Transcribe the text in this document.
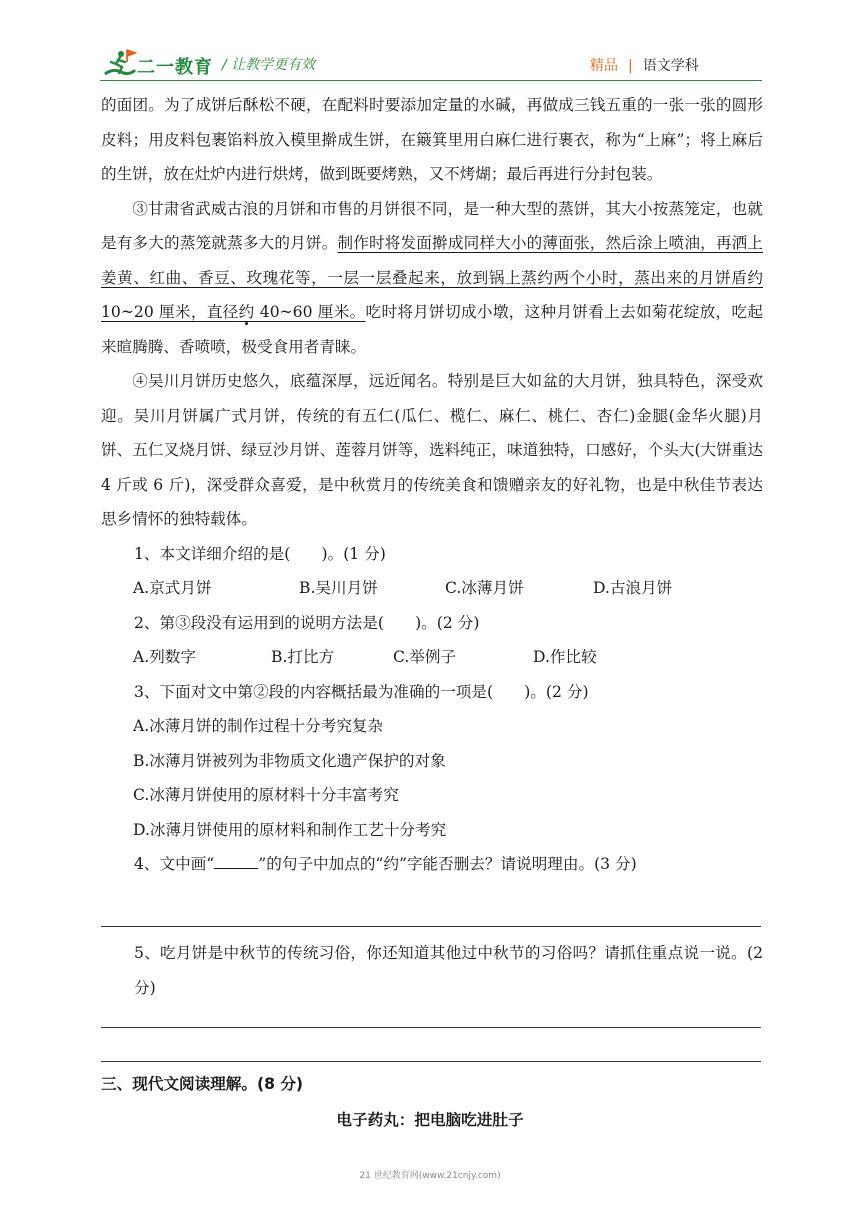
二一教育 / 让教学更有效	精品 | 语文学科

的面团。为了成饼后酥松不硬，在配料时要添加定量的水碱，再做成三钱五重的一张一张的圆形皮料；用皮料包裹馅料放入模里擀成生饼，在簸箕里用白麻仁进行裹衣，称为“上麻”；将上麻后的生饼，放在灶炉内进行烘烤，做到既要烤熟，又不烤煳；最后再进行分封包装。

③甘肃省武威古浪的月饼和市售的月饼很不同，是一种大型的蒸饼，其大小按蒸笼定，也就是有多大的蒸笼就蒸多大的月饼。制作时将发面擀成同样大小的薄面张，然后涂上喷油，再洒上姜黄、红曲、香豆、玫瑰花等，一层一层叠起来，放到锅上蒸约两个小时，蒸出来的月饼盾约 10~20 厘米，直径约 40~60 厘米。吃时将月饼切成小墩，这种月饼看上去如菊花绽放，吃起来暄腾腾、香喷喷，极受食用者青睐。

④吴川月饼历史悠久，底蕴深厚，远近闻名。特别是巨大如盆的大月饼，独具特色，深受欢迎。吴川月饼属广式月饼，传统的有五仁(瓜仁、榄仁、麻仁、桃仁、杏仁)金腿(金华火腿)月饼、五仁叉烧月饼、绿豆沙月饼、莲蓉月饼等，选料纯正，味道独特，口感好，个头大(大饼重达 4 斤或 6 斤)，深受群众喜爱，是中秋赏月的传统美食和馈赠亲友的好礼物，也是中秋佳节表达思乡情怀的独特载体。

1、本文详细介绍的是(　　)。(1 分)

A.京式月饼	B.吴川月饼	C.冰薄月饼	D.古浪月饼

2、第③段没有运用到的说明方法是(　　)。(2 分)

A.列数字	B.打比方	C.举例子	D.作比较

3、下面对文中第②段的内容概括最为准确的一项是(　　)。(2 分)

A.冰薄月饼的制作过程十分考究复杂

B.冰薄月饼被列为非物质文化遗产保护的对象

C.冰薄月饼使用的原材料十分丰富考究

D.冰薄月饼使用的原材料和制作工艺十分考究

4、文中画“	”的句子中加点的“约”字能否删去？请说明理由。(3 分)

5、吃月饼是中秋节的传统习俗，你还知道其他过中秋节的习俗吗？请抓住重点说一说。(2 分)

三、现代文阅读理解。(8 分)
电子药丸：把电脑吃进肚子
21 世纪教育网(www.21cnjy.com)
